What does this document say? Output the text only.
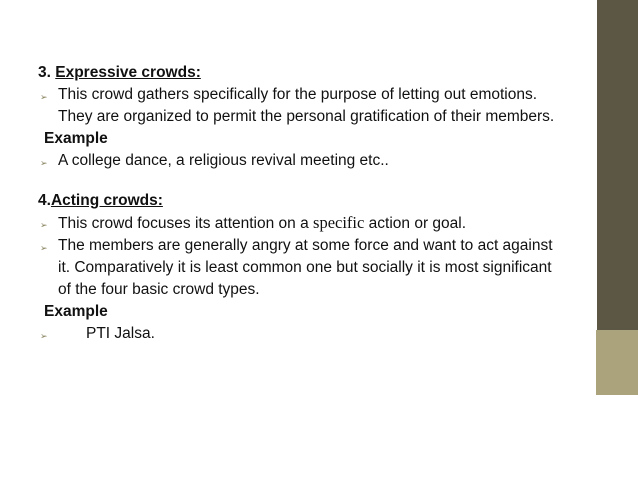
3. Expressive crowds:

➢ This crowd gathers specifically for the purpose of letting out emotions. They are organized to permit the personal gratification of their members.

Example

➢ A college dance, a religious revival meeting etc..

4.Acting crowds:

➢ This crowd focuses its attention on a specific action or goal.

➢ The members are generally angry at some force and want to act against it. Comparatively it is least common one but socially it is most significant of the four basic crowd types.

Example

➢ PTI Jalsa.
